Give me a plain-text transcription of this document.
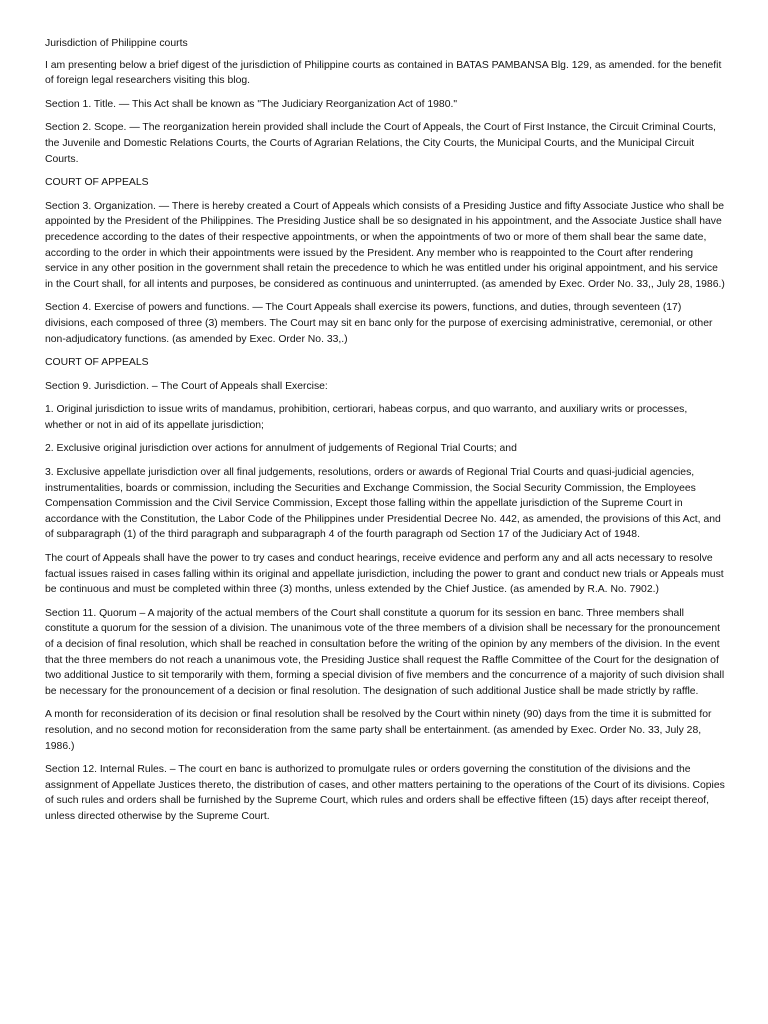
Jurisdiction of Philippine courts

I am presenting below a brief digest of the jurisdiction of Philippine courts as contained in BATAS PAMBANSA Blg. 129, as amended. for the benefit of foreign legal researchers visiting this blog.

Section 1. Title. — This Act shall be known as "The Judiciary Reorganization Act of 1980."

Section 2. Scope. — The reorganization herein provided shall include the Court of Appeals, the Court of First Instance, the Circuit Criminal Courts, the Juvenile and Domestic Relations Courts, the Courts of Agrarian Relations, the City Courts, the Municipal Courts, and the Municipal Circuit Courts.

COURT OF APPEALS

Section 3. Organization. — There is hereby created a Court of Appeals which consists of a Presiding Justice and fifty Associate Justice who shall be appointed by the President of the Philippines. The Presiding Justice shall be so designated in his appointment, and the Associate Justice shall have precedence according to the dates of their respective appointments, or when the appointments of two or more of them shall bear the same date, according to the order in which their appointments were issued by the President. Any member who is reappointed to the Court after rendering service in any other position in the government shall retain the precedence to which he was entitled under his original appointment, and his service in the Court shall, for all intents and purposes, be considered as continuous and uninterrupted. (as amended by Exec. Order No. 33,, July 28, 1986.)

Section 4. Exercise of powers and functions. — The Court Appeals shall exercise its powers, functions, and duties, through seventeen (17) divisions, each composed of three (3) members. The Court may sit en banc only for the purpose of exercising administrative, ceremonial, or other non-adjudicatory functions. (as amended by Exec. Order No. 33,.)

COURT OF APPEALS

Section 9. Jurisdiction. – The Court of Appeals shall Exercise:

1. Original jurisdiction to issue writs of mandamus, prohibition, certiorari, habeas corpus, and quo warranto, and auxiliary writs or processes, whether or not in aid of its appellate jurisdiction;

2. Exclusive original jurisdiction over actions for annulment of judgements of Regional Trial Courts; and

3. Exclusive appellate jurisdiction over all final judgements, resolutions, orders or awards of Regional Trial Courts and quasi-judicial agencies, instrumentalities, boards or commission, including the Securities and Exchange Commission, the Social Security Commission, the Employees Compensation Commission and the Civil Service Commission, Except those falling within the appellate jurisdiction of the Supreme Court in accordance with the Constitution, the Labor Code of the Philippines under Presidential Decree No. 442, as amended, the provisions of this Act, and of subparagraph (1) of the third paragraph and subparagraph 4 of the fourth paragraph od Section 17 of the Judiciary Act of 1948.

The court of Appeals shall have the power to try cases and conduct hearings, receive evidence and perform any and all acts necessary to resolve factual issues raised in cases falling within its original and appellate jurisdiction, including the power to grant and conduct new trials or Appeals must be continuous and must be completed within three (3) months, unless extended by the Chief Justice. (as amended by R.A. No. 7902.)

Section 11. Quorum – A majority of the actual members of the Court shall constitute a quorum for its session en banc. Three members shall constitute a quorum for the session of a division. The unanimous vote of the three members of a division shall be necessary for the pronouncement of a decision of final resolution, which shall be reached in consultation before the writing of the opinion by any members of the division. In the event that the three members do not reach a unanimous vote, the Presiding Justice shall request the Raffle Committee of the Court for the designation of two additional Justice to sit temporarily with them, forming a special division of five members and the concurrence of a majority of such division shall be necessary for the pronouncement of a decision or final resolution. The designation of such additional Justice shall be made strictly by raffle.

A month for reconsideration of its decision or final resolution shall be resolved by the Court within ninety (90) days from the time it is submitted for resolution, and no second motion for reconsideration from the same party shall be entertainment. (as amended by Exec. Order No. 33, July 28, 1986.)

Section 12. Internal Rules. – The court en banc is authorized to promulgate rules or orders governing the constitution of the divisions and the assignment of Appellate Justices thereto, the distribution of cases, and other matters pertaining to the operations of the Court of its divisions. Copies of such rules and orders shall be furnished by the Supreme Court, which rules and orders shall be effective fifteen (15) days after receipt thereof, unless directed otherwise by the Supreme Court.
